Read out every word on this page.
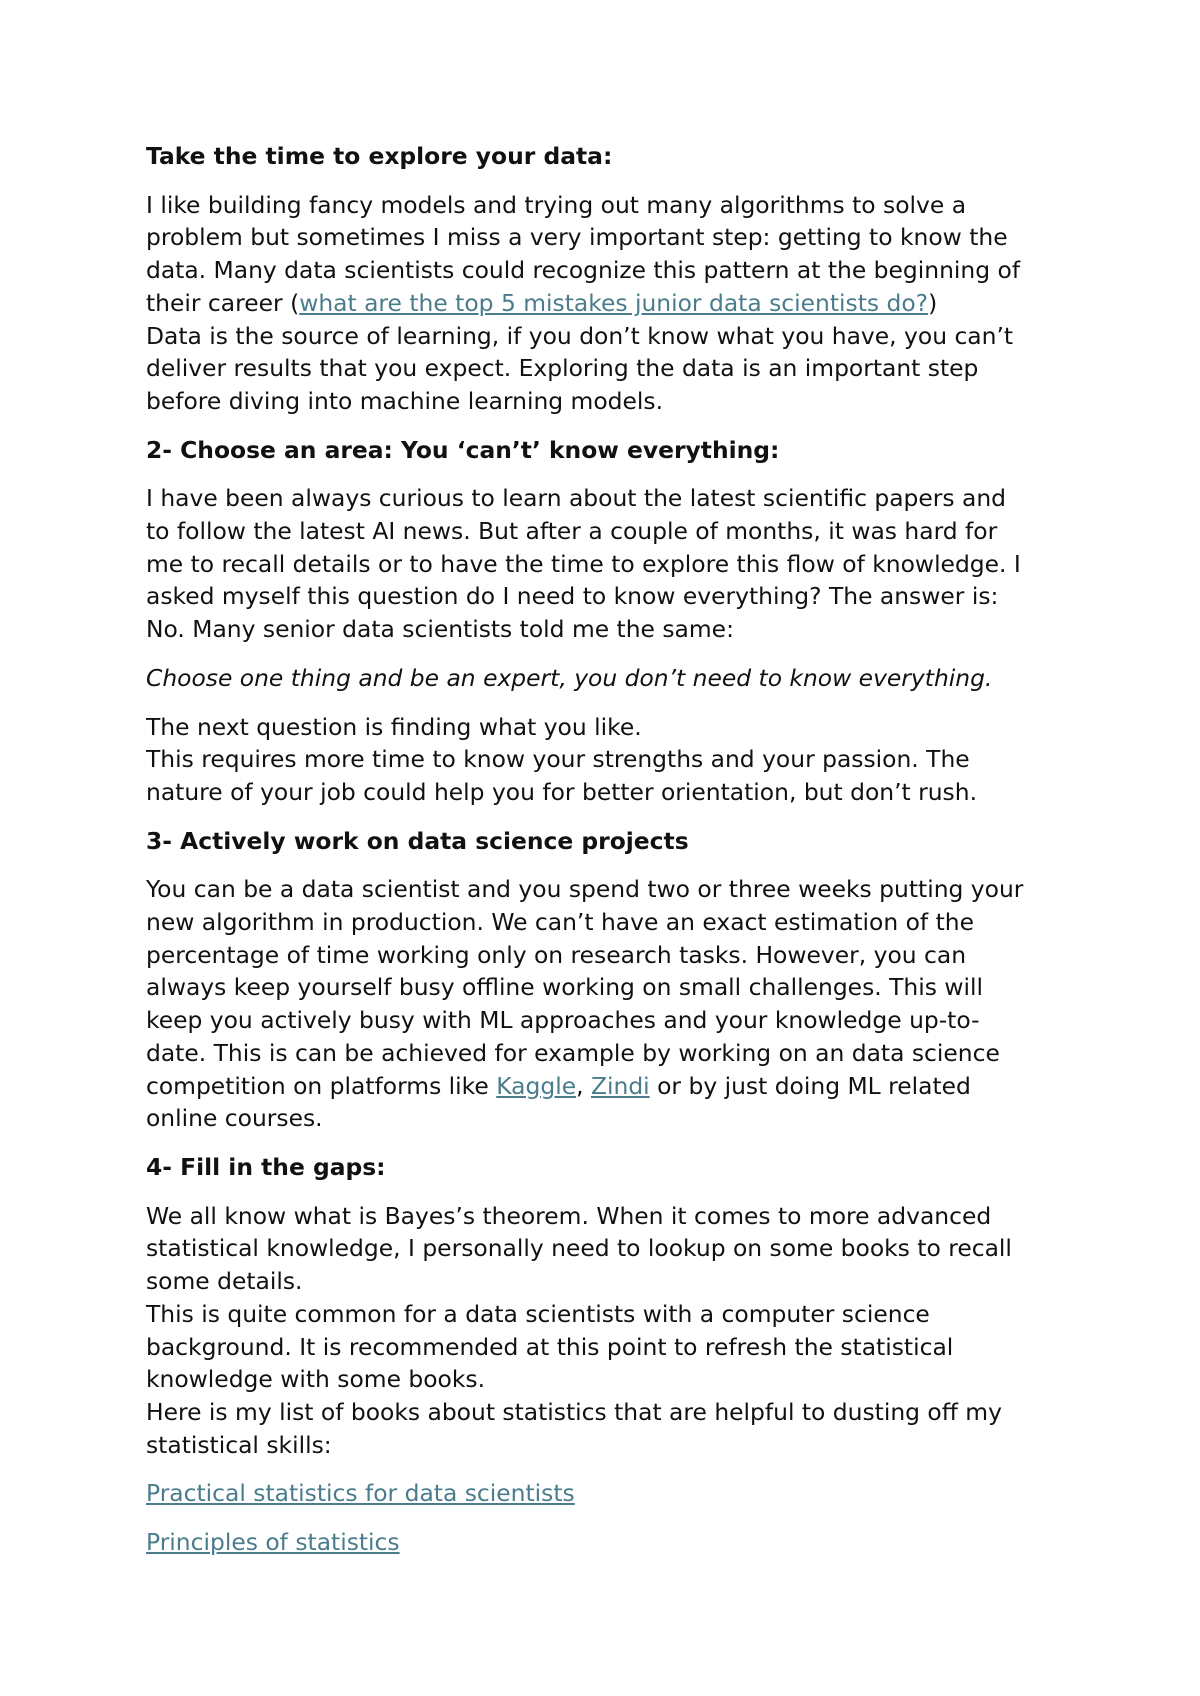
Take the time to explore your data:

I like building fancy models and trying out many algorithms to solve a
problem but sometimes I miss a very important step: getting to know the
data. Many data scientists could recognize this pattern at the beginning of
their career (what are the top 5 mistakes junior data scientists do?)
Data is the source of learning, if you don’t know what you have, you can’t
deliver results that you expect. Exploring the data is an important step
before diving into machine learning models.

2- Choose an area: You ‘can’t’ know everything:

I have been always curious to learn about the latest scientific papers and
to follow the latest AI news. But after a couple of months, it was hard for
me to recall details or to have the time to explore this flow of knowledge. I
asked myself this question do I need to know everything? The answer is:
No. Many senior data scientists told me the same:

Choose one thing and be an expert, you don’t need to know everything.

The next question is finding what you like.
This requires more time to know your strengths and your passion. The
nature of your job could help you for better orientation, but don’t rush.

3- Actively work on data science projects

You can be a data scientist and you spend two or three weeks putting your
new algorithm in production. We can’t have an exact estimation of the
percentage of time working only on research tasks. However, you can
always keep yourself busy offline working on small challenges. This will
keep you actively busy with ML approaches and your knowledge up-to-
date. This is can be achieved for example by working on an data science
competition on platforms like Kaggle, Zindi or by just doing ML related
online courses.

4- Fill in the gaps:

We all know what is Bayes’s theorem. When it comes to more advanced
statistical knowledge, I personally need to lookup on some books to recall
some details.
This is quite common for a data scientists with a computer science
background. It is recommended at this point to refresh the statistical
knowledge with some books.
Here is my list of books about statistics that are helpful to dusting off my
statistical skills:

Practical statistics for data scientists

Principles of statistics
